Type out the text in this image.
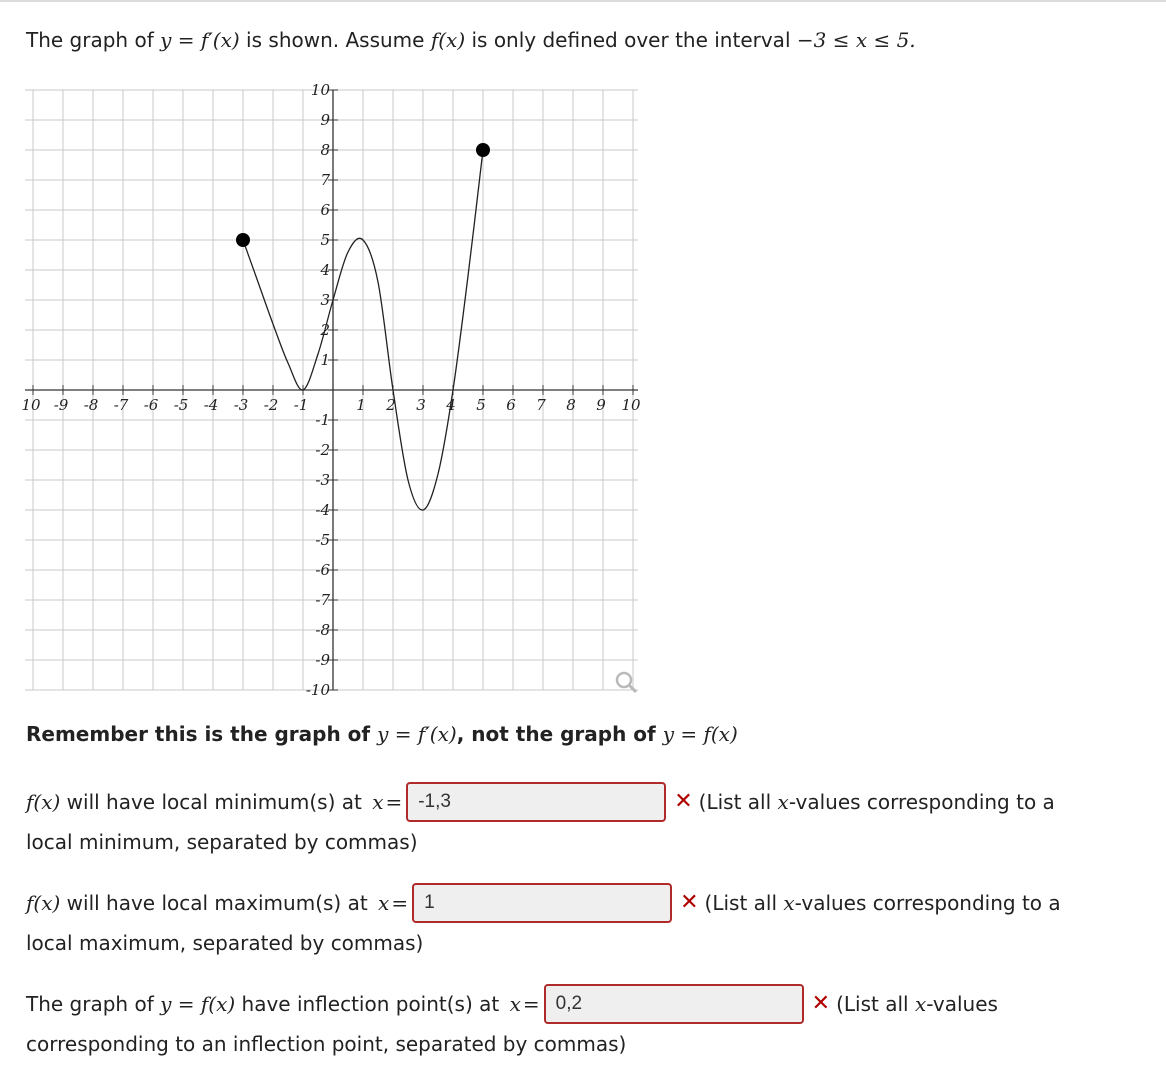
The graph of y = f′(x) is shown. Assume f(x) is only defined over the interval −3 ≤ x ≤ 5.
10 -9 -8 -7 -6 -5 -4 -3 -2 -1	1 2 3 4 5 6 7 8 9 10
10
9
8
7
6
5
4
3
2
1
-1
-2
-3
-4
-5
-6
-7
-8
-9
-10
Remember this is the graph of y = f′(x), not the graph of y = f(x)
f(x) will have local minimum(s) at x = -1,3	✕ (List all x-values corresponding to a
local minimum, separated by commas)
f(x) will have local maximum(s) at x = 1	✕ (List all x-values corresponding to a
local maximum, separated by commas)
The graph of y = f(x) have inflection point(s) at x = 0,2	✕ (List all x-values
corresponding to an inflection point, separated by commas)
